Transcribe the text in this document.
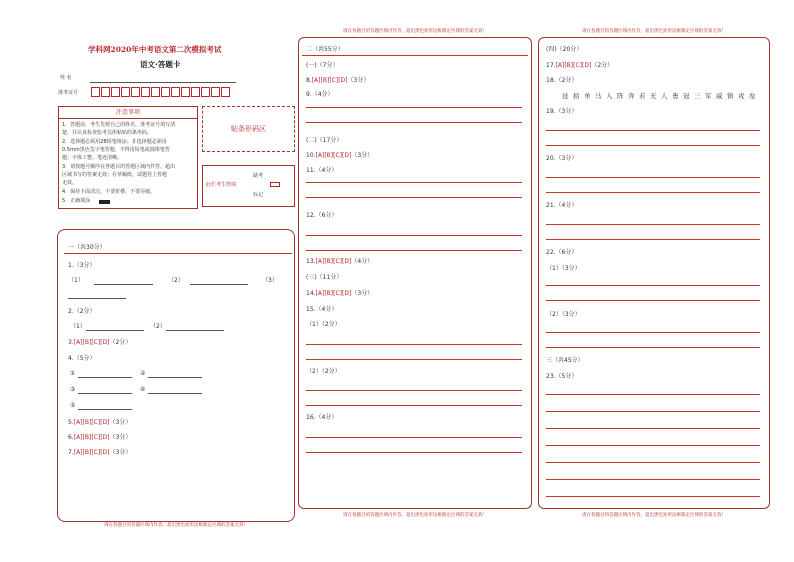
学科网2020年中考语文第二次模拟考试
语文·答题卡
姓 名
准考证号
注意事项
1．答题前，考生先将自己的姓名，准考证号填写清
楚，并认真检查监考员所粘贴的条形码。
2．选择题必须用2B铅笔填涂；非选择题必须用
0.5mm黑色签字笔答题，不得用铅笔或圆珠笔答
题；字体工整、笔迹清晰。
3．请按题号顺序在各题目的答题区域内作答，超出
区域书写的答案无效；在草稿纸、试题卷上答题
无效。
4．保持卡面清洁，不要折叠、不要弄破。
5．正确填涂
贴条形码区
此栏考生禁填
缺考
标记
请在各题目的答题区域内作答，超出黑色矩形边框限定区域的答案无效！
一（共30分）
1.（3分）
（1）	（2）	（3）
2.（2分）
（1）	（2）
3.[A][B][C][D]（2分）
4.（5分）
①	②
③	④
⑤
5.[A][B][C][D]（3分）
6.[A][B][C][D]（3分）
7.[A][B][C][D]（3分）
请在各题目的答题区域内作答，超出黑色矩形边框限定区域的答案无效！
请在各题目的答题区域内作答，超出黑色矩形边框限定区域的答案无效！
二（共55分）
(一)（7分）
8.[A][B][C][D]（3分）
9.（4分）
(二)（17分）
10.[A][B][C][D]（3分）
11.（4分）
12.（6分）
13.[A][B][C][D]（4分）
(三)（11分）
14.[A][B][C][D]（3分）
15.（4分）
（1）（2分）
（2）（2分）
16.（4分）
请在各题目的答题区域内作答，超出黑色矩形边框限定区域的答案无效！
请在各题目的答题区域内作答，超出黑色矩形边框限定区域的答案无效！
(四)（20分）
17.[A][B][C][D]（2分）
18.（2分）
延 拍 单 马 入 阵 奔 若 无 人 勇 冠 三 军 威 镇 戎 垒
19.（3分）
20.（3分）
21.（4分）
22.（6分）
（1）（3分）
（2）（3分）
三（共45分）
23.（5分）
